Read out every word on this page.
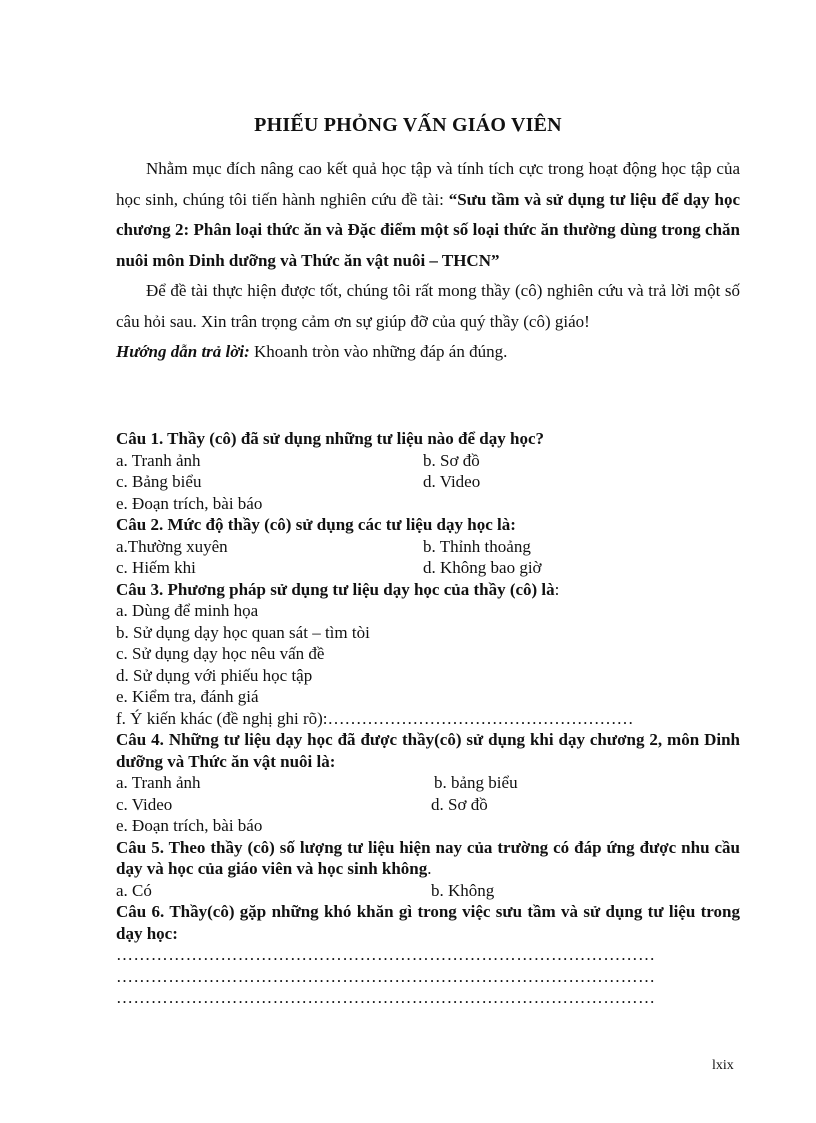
PHIẾU PHỎNG VẤN GIÁO VIÊN

Nhằm mục đích nâng cao kết quả học tập và tính tích cực trong hoạt động học tập của học sinh, chúng tôi tiến hành nghiên cứu đề tài: “Sưu tầm và sử dụng tư liệu để dạy học chương 2: Phân loại thức ăn và Đặc điểm một số loại thức ăn thường dùng trong chăn nuôi môn Dinh dưỡng và Thức ăn vật nuôi – THCN”

Để đề tài thực hiện được tốt, chúng tôi rất mong thầy (cô) nghiên cứu và trả lời một số câu hỏi sau. Xin trân trọng cảm ơn sự giúp đỡ của quý thầy (cô) giáo!

Hướng dẫn trả lời: Khoanh tròn vào những đáp án đúng.

Câu 1. Thầy (cô) đã sử dụng những tư liệu nào để dạy học?
a. Tranh ảnh	b. Sơ đồ
c. Bảng biểu	d. Video
e. Đoạn trích, bài báo
Câu 2. Mức độ thầy (cô) sử dụng các tư liệu dạy học là:
a.Thường xuyên	b. Thỉnh thoảng
c. Hiếm khi	d. Không bao giờ
Câu 3. Phương pháp sử dụng tư liệu dạy học của thầy (cô) là:
a. Dùng để minh họa
b. Sử dụng dạy học quan sát – tìm tòi
c. Sử dụng dạy học nêu vấn đề
d. Sử dụng với phiếu học tập
e. Kiểm tra, đánh giá
f. Ý kiến khác (đề nghị ghi rõ):………………………………………………
Câu 4. Những tư liệu dạy học đã được thầy(cô) sử dụng khi dạy chương 2, môn Dinh dưỡng và Thức ăn vật nuôi là:
a. Tranh ảnh	b. bảng biểu
c. Video	d. Sơ đồ
e. Đoạn trích, bài báo
Câu 5. Theo thầy (cô) số lượng tư liệu hiện nay của trường có đáp ứng được nhu cầu dạy và học của giáo viên và học sinh không.
a. Có	b. Không
Câu 6. Thầy(cô) gặp những khó khăn gì trong việc sưu tầm và sử dụng tư liệu trong dạy học:
…………………………………………………………………………………
…………………………………………………………………………………
…………………………………………………………………………………
lxix
